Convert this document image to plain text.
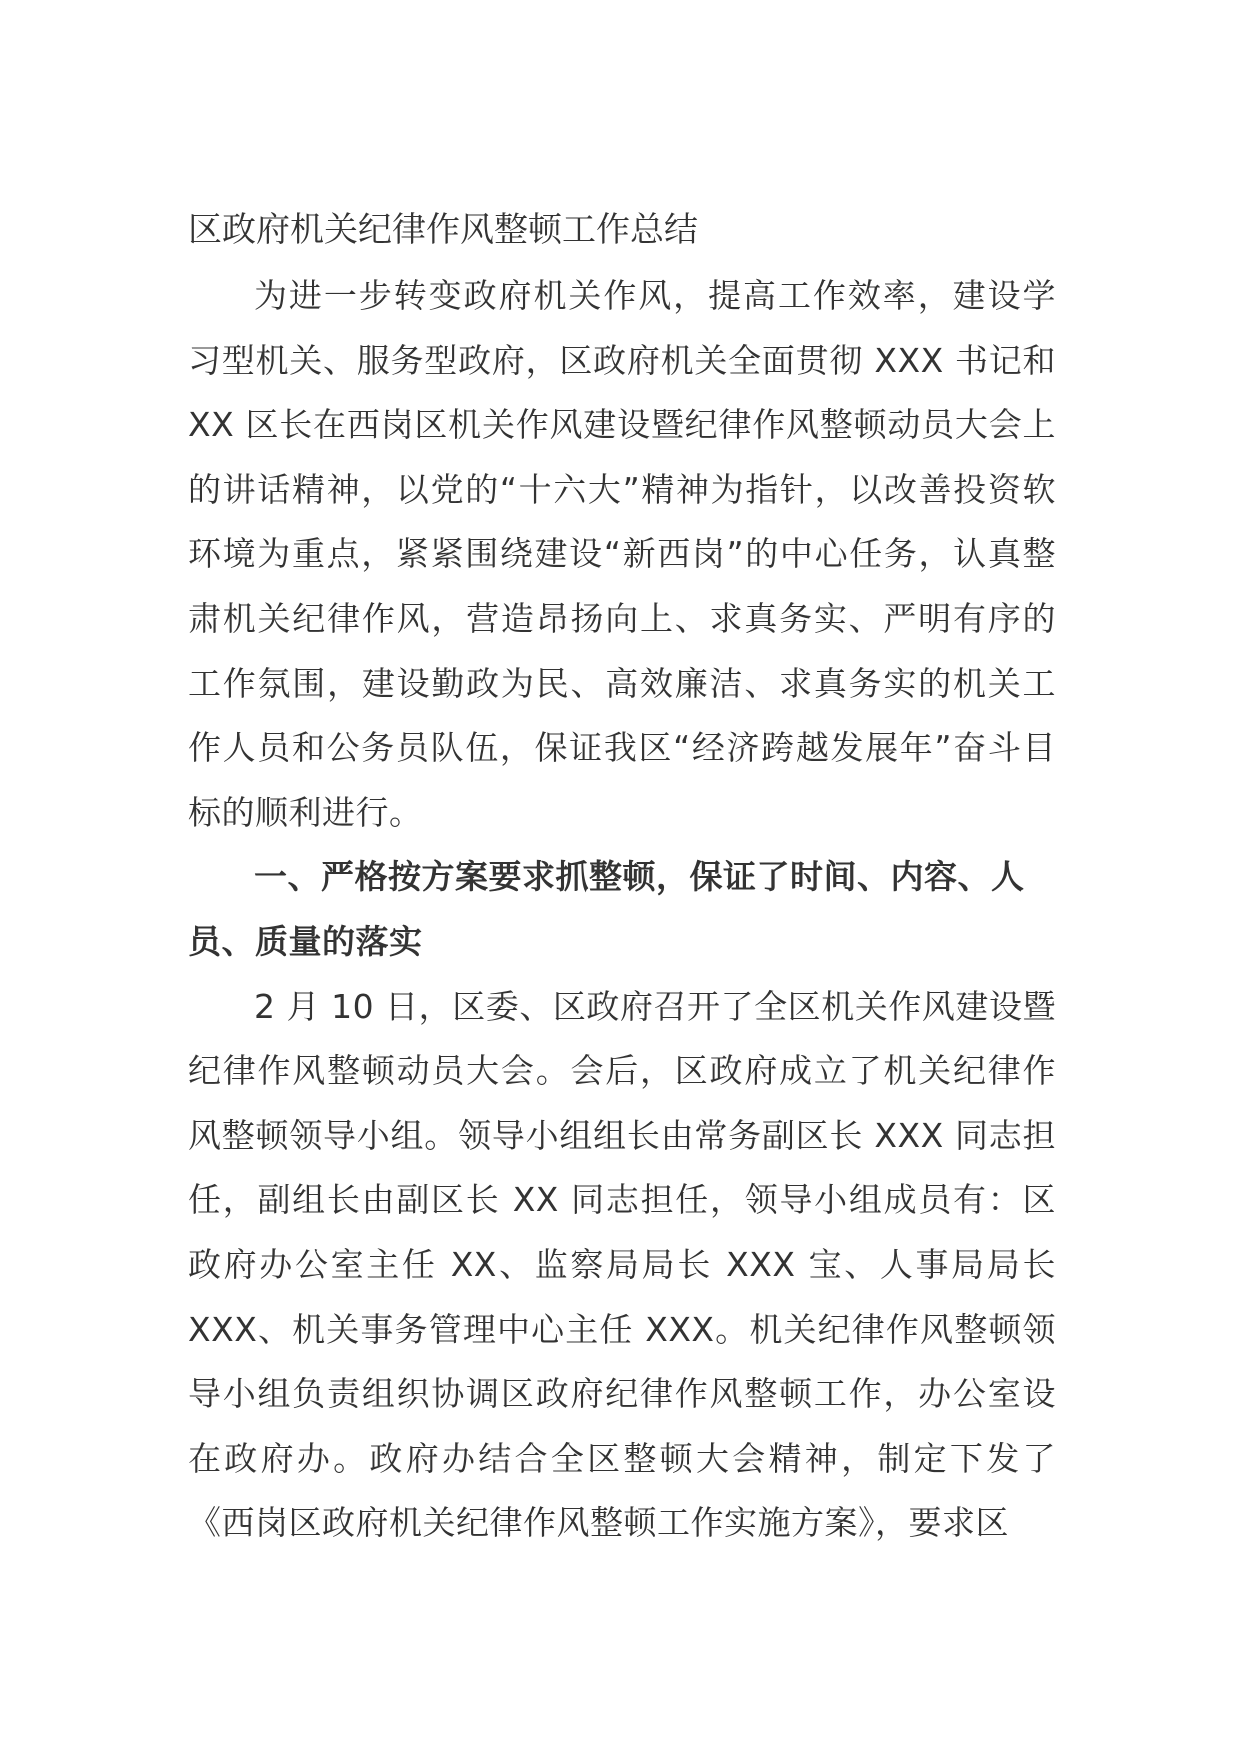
区政府机关纪律作风整顿工作总结

为进一步转变政府机关作风，提高工作效率，建设学习型机关、服务型政府，区政府机关全面贯彻 XXX 书记和 XX 区长在西岗区机关作风建设暨纪律作风整顿动员大会上的讲话精神，以党的“十六大”精神为指针，以改善投资软环境为重点，紧紧围绕建设“新西岗”的中心任务，认真整肃机关纪律作风，营造昂扬向上、求真务实、严明有序的工作氛围，建设勤政为民、高效廉洁、求真务实的机关工作人员和公务员队伍，保证我区“经济跨越发展年”奋斗目标的顺利进行。

一、严格按方案要求抓整顿，保证了时间、内容、人员、质量的落实

2 月 10 日，区委、区政府召开了全区机关作风建设暨纪律作风整顿动员大会。会后，区政府成立了机关纪律作风整顿领导小组。领导小组组长由常务副区长 XXX 同志担任，副组长由副区长 XX 同志担任，领导小组成员有：区政府办公室主任 XX、监察局局长 XXX 宝、人事局局长 XXX、机关事务管理中心主任 XXX。机关纪律作风整顿领导小组负责组织协调区政府纪律作风整顿工作，办公室设在政府办。政府办结合全区整顿大会精神，制定下发了《西岗区政府机关纪律作风整顿工作实施方案》，要求区
